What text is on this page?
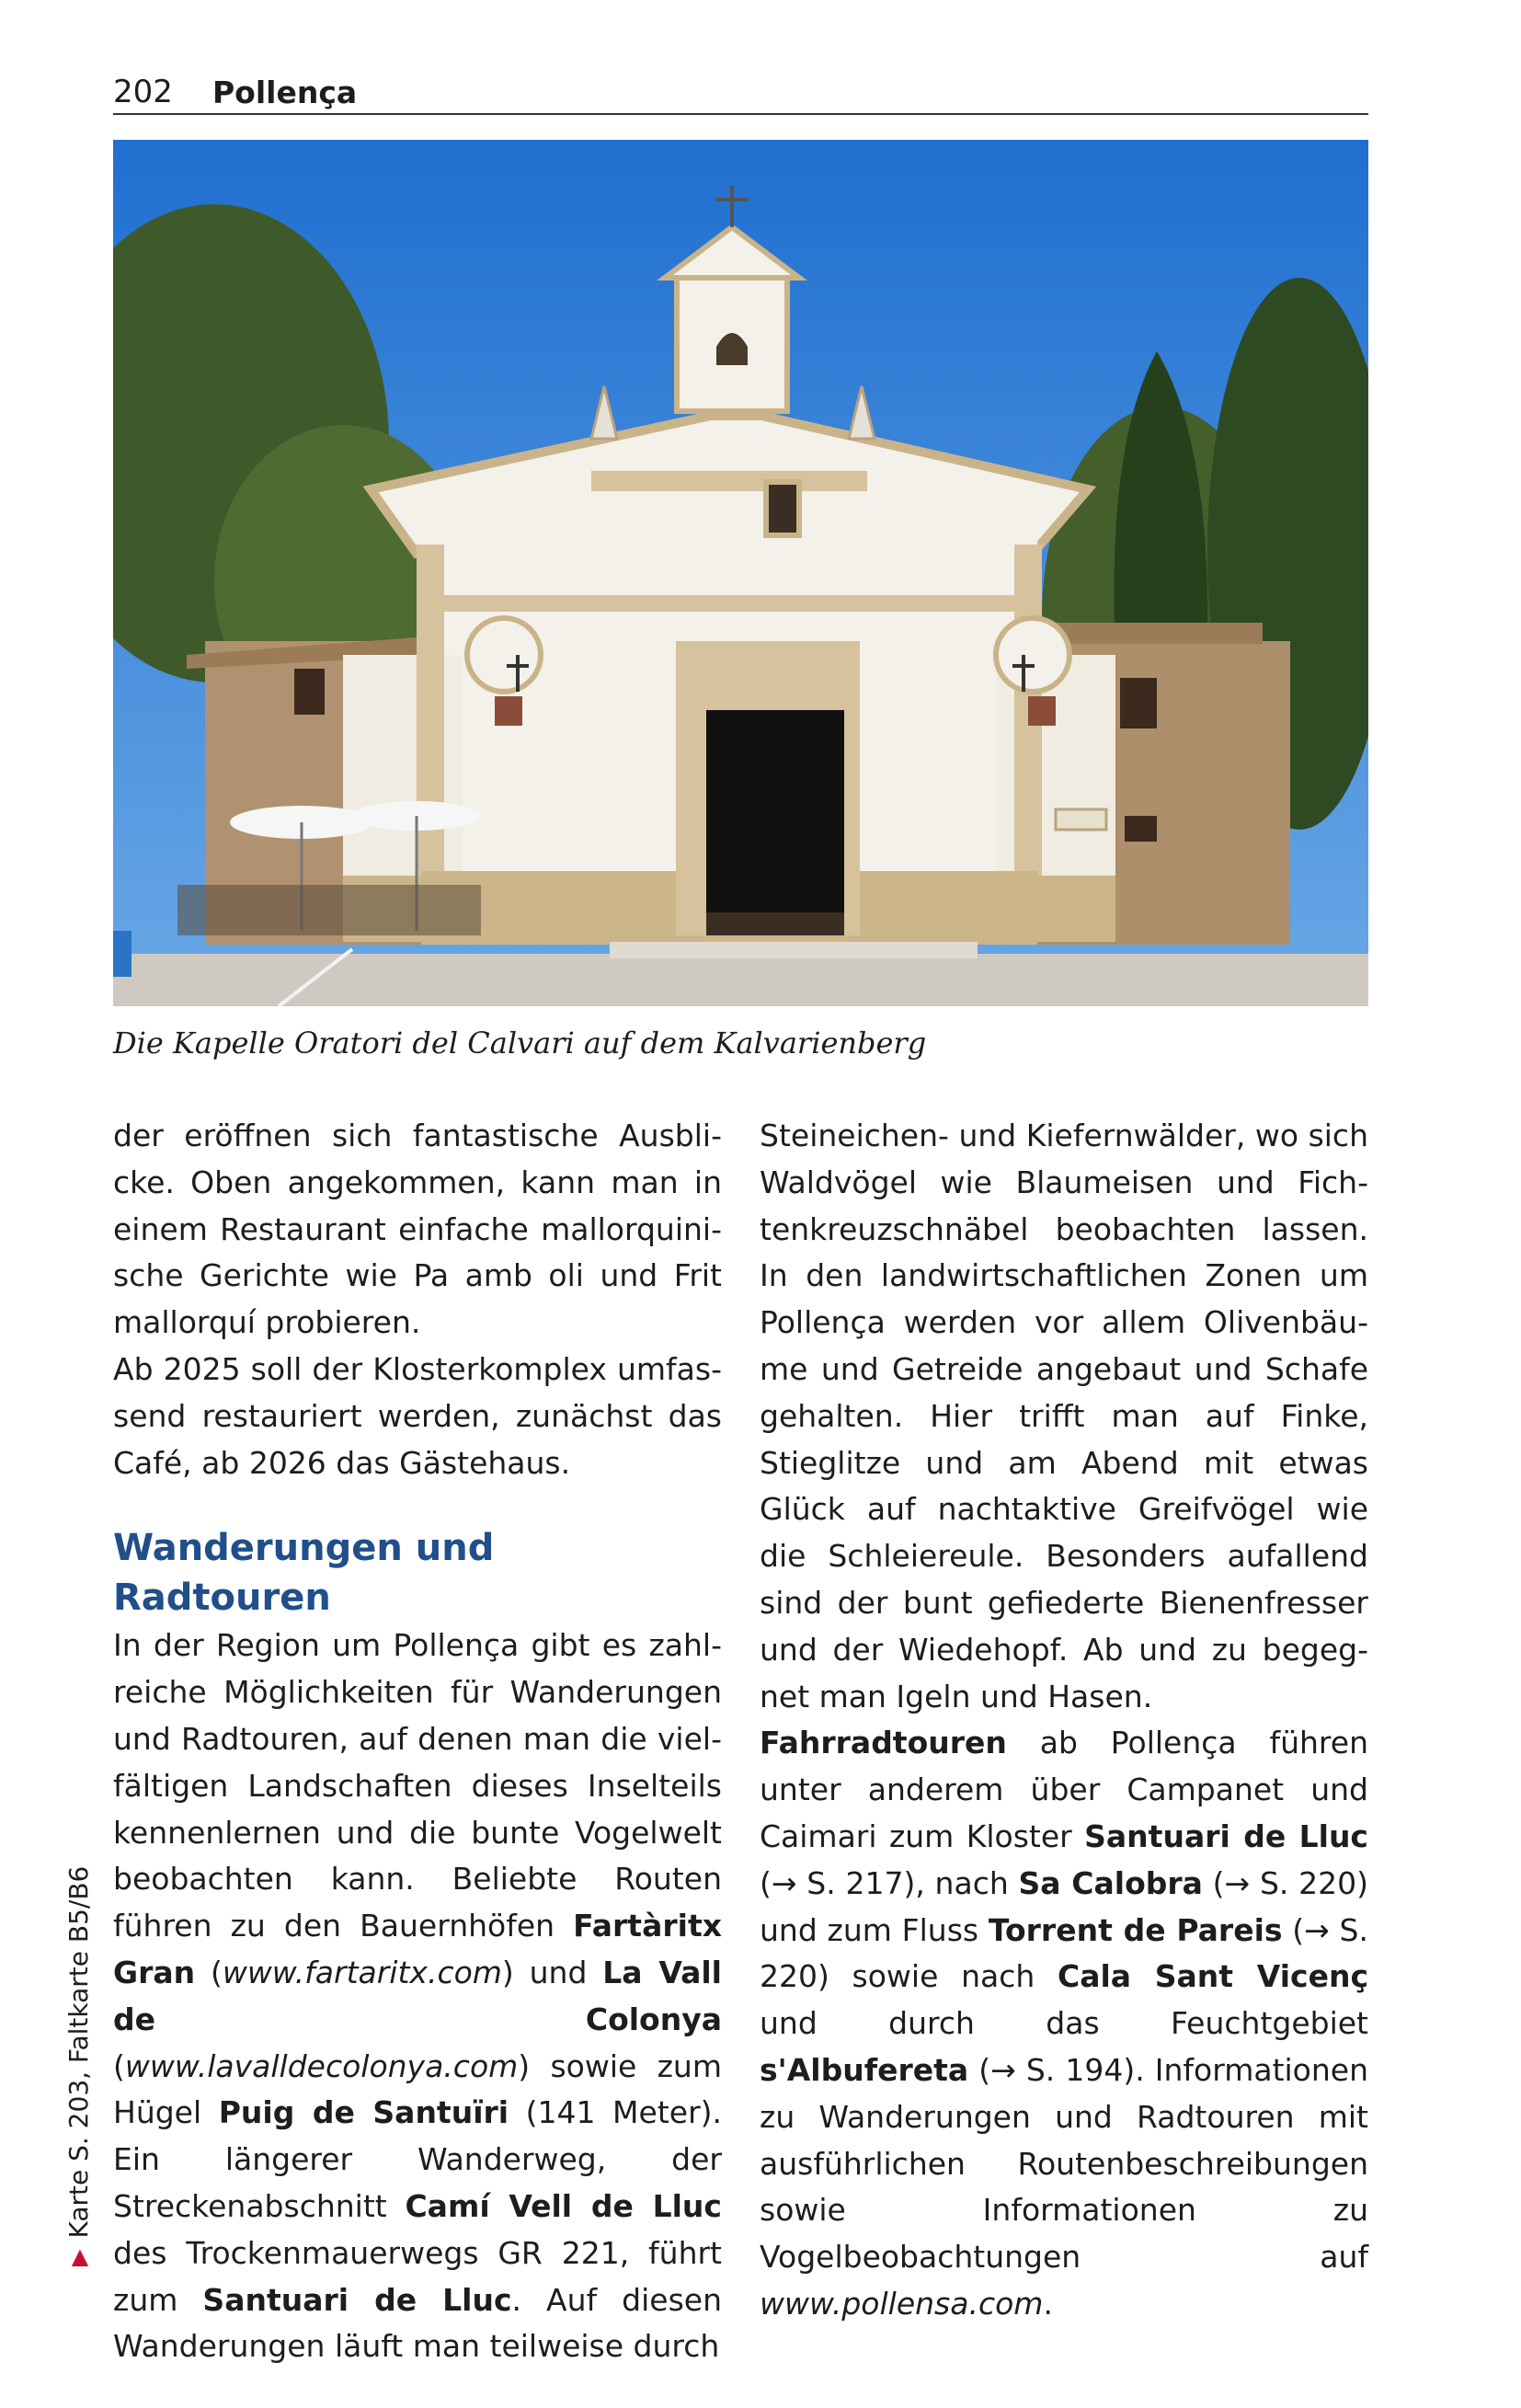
202 Pollença
Die Kapelle Oratori del Calvari auf dem Kalvarienberg

der eröffnen sich fantastische Ausblicke. Oben angekommen, kann man in einem Restaurant einfache mallorquinische Gerichte wie Pa amb oli und Frit mallorquí probieren.

Ab 2025 soll der Klosterkomplex umfassend restauriert werden, zunächst das Café, ab 2026 das Gästehaus.

Wanderungen und Radtouren

In der Region um Pollença gibt es zahlreiche Möglichkeiten für Wanderungen und Radtouren, auf denen man die vielfältigen Landschaften dieses Inselteils kennenlernen und die bunte Vogelwelt beobachten kann. Beliebte Routen führen zu den Bauernhöfen Fartàritx Gran (www.fartaritx.com) und La Vall de Colonya (www.lavalldecolonya.com) sowie zum Hügel Puig de Santuïri (141 Meter). Ein längerer Wanderweg, der Streckenabschnitt Camí Vell de Lluc des Trockenmauerwegs GR 221, führt zum Santuari de Lluc. Auf diesen Wanderungen läuft man teilweise durch

Steineichen- und Kiefernwälder, wo sich Waldvögel wie Blaumeisen und Fichtenkreuzschnäbel beobachten lassen. In den landwirtschaftlichen Zonen um Pollença werden vor allem Olivenbäume und Getreide angebaut und Schafe gehalten. Hier trifft man auf Finke, Stieglitze und am Abend mit etwas Glück auf nachtaktive Greifvögel wie die Schleiereule. Besonders aufallend sind der bunt gefiederte Bienenfresser und der Wiedehopf. Ab und zu begegnet man Igeln und Hasen.

Fahrradtouren ab Pollença führen unter anderem über Campanet und Caimari zum Kloster Santuari de Lluc (→ S. 217), nach Sa Calobra (→ S. 220) und zum Fluss Torrent de Pareis (→ S. 220) sowie nach Cala Sant Vicenç und durch das Feuchtgebiet s'Albufereta (→ S. 194). Informationen zu Wanderungen und Radtouren mit ausführlichen Routenbeschreibungen sowie Informationen zu Vogelbeobachtungen auf www.pollensa.com.

▲Karte S. 203, Faltkarte B5/B6
